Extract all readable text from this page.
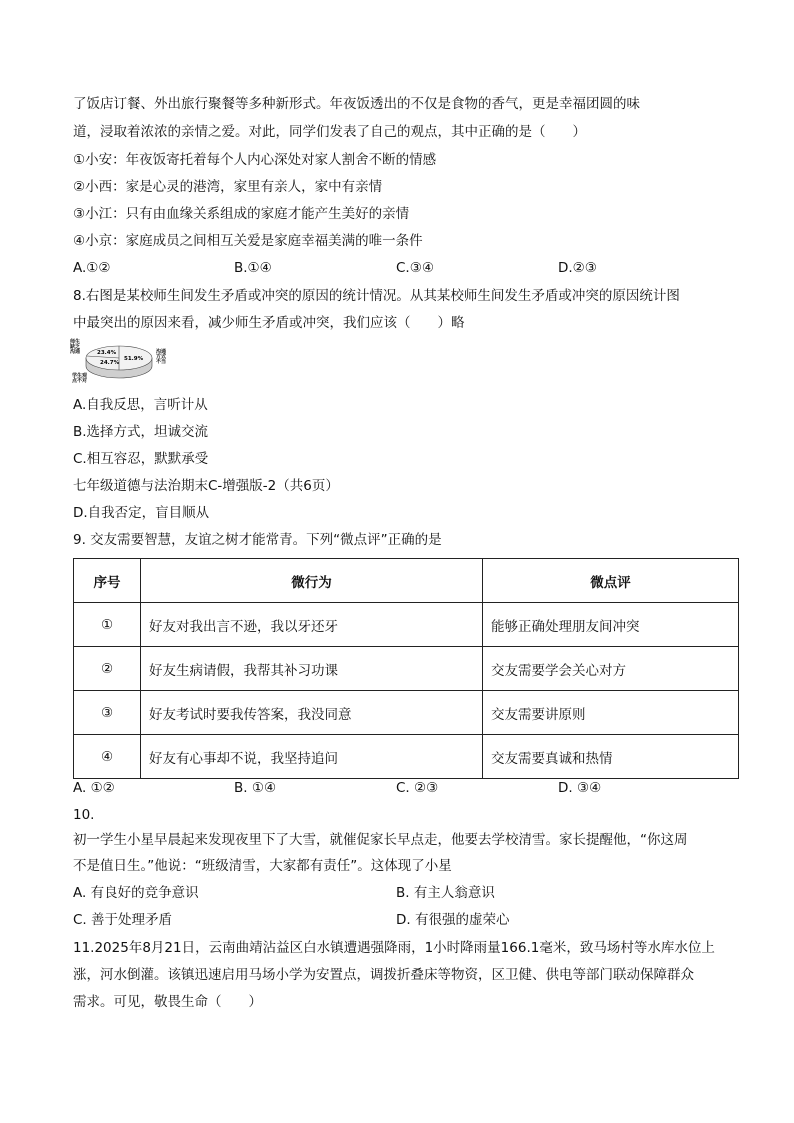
了饭店订餐、外出旅行聚餐等多种新形式。年夜饭透出的不仅是食物的香气，更是幸福团圆的味
道，浸取着浓浓的亲情之爱。对此，同学们发表了自己的观点，其中正确的是（　　）
①小安：年夜饭寄托着每个人内心深处对家人割舍不断的情感
②小西：家是心灵的港湾，家里有亲人，家中有亲情
③小江：只有由血缘关系组成的家庭才能产生美好的亲情
④小京：家庭成员之间相互关爱是家庭幸福美满的唯一条件
A.①②	B.①④	C.③④	D.②③
8.右图是某校师生间发生矛盾或冲突的原因的统计情况。从其某校师生间发生矛盾或冲突的原因统计图
中最突出的原因来看，减少师生矛盾或冲突，我们应该（　　）略
23.4%
24.7%
51.9%
师生缺乏沟通
学生观点不对
沟通方式不当
A.自我反思，言听计从
B.选择方式，坦诚交流
C.相互容忍，默默承受
七年级道德与法治期末C-增强版-2（共6页）
D.自我否定，盲目顺从
9. 交友需要智慧，友谊之树才能常青。下列“微点评”正确的是
序号	微行为	微点评
①	好友对我出言不逊，我以牙还牙	能够正确处理朋友间冲突
②	好友生病请假，我帮其补习功课	交友需要学会关心对方
③	好友考试时要我传答案，我没同意	交友需要讲原则
④	好友有心事却不说，我坚持追问	交友需要真诚和热情
A. ①②	B. ①④	C. ②③	D. ③④
10.
初一学生小星早晨起来发现夜里下了大雪，就催促家长早点走，他要去学校清雪。家长提醒他，“你这周
不是值日生。”他说：“班级清雪，大家都有责任”。这体现了小星
A. 有良好的竞争意识	B. 有主人翁意识
C. 善于处理矛盾	D. 有很强的虚荣心
11.2025年8月21日，云南曲靖沾益区白水镇遭遇强降雨，1小时降雨量166.1毫米，致马场村等水库水位上
涨，河水倒灌。该镇迅速启用马场小学为安置点，调拨折叠床等物资，区卫健、供电等部门联动保障群众
需求。可见，敬畏生命（　　）
